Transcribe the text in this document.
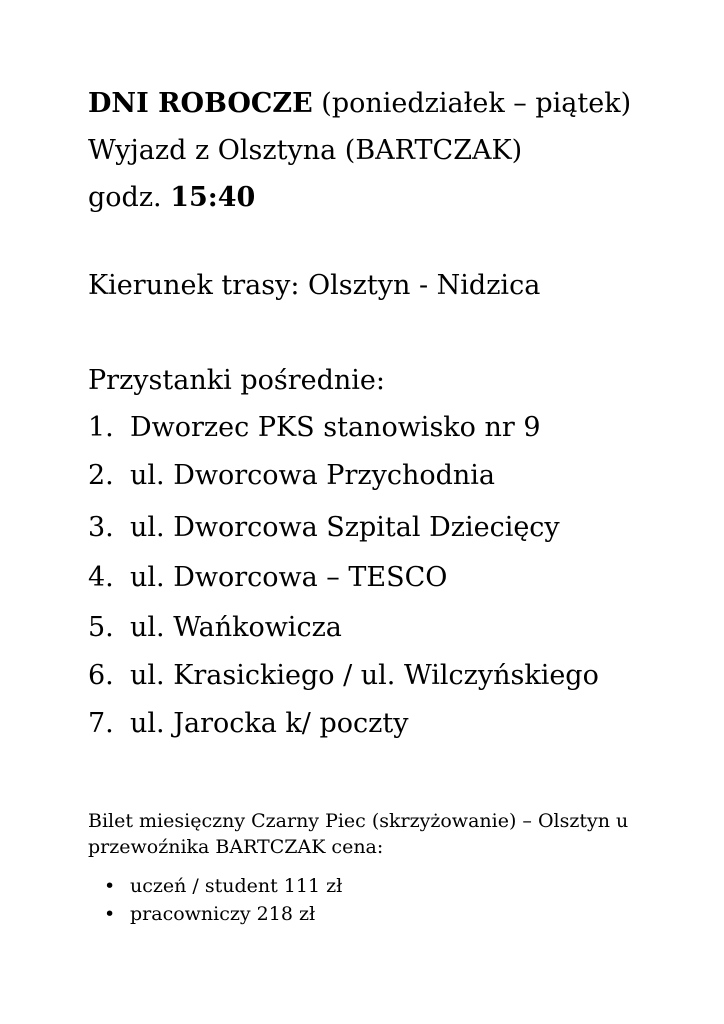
DNI ROBOCZE (poniedziałek – piątek)
Wyjazd z Olsztyna (BARTCZAK)
godz. 15:40
Kierunek trasy: Olsztyn - Nidzica
Przystanki pośrednie:
1. Dworzec PKS stanowisko nr 9
2. ul. Dworcowa Przychodnia
3. ul. Dworcowa Szpital Dziecięcy
4. ul. Dworcowa – TESCO
5. ul. Wańkowicza
6. ul. Krasickiego / ul. Wilczyńskiego
7. ul. Jarocka k/ poczty
Bilet miesięczny Czarny Piec (skrzyżowanie) – Olsztyn u przewoźnika BARTCZAK cena:
• uczeń / student 111 zł
• pracowniczy 218 zł
